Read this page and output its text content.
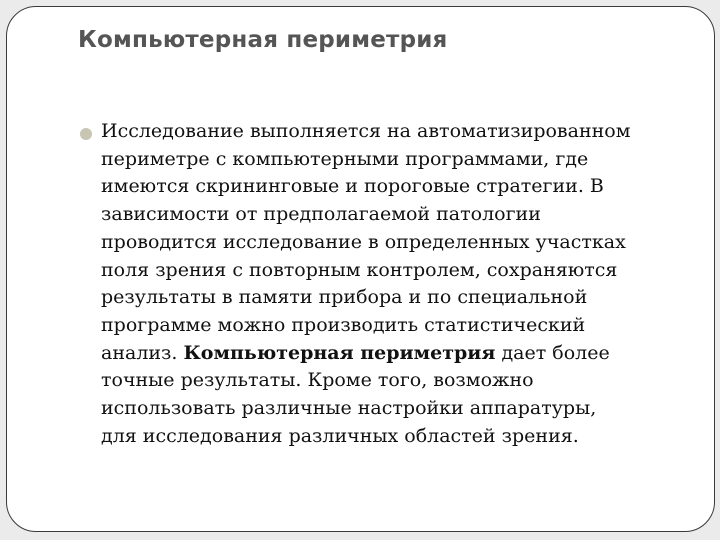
Компьютерная периметрия
Исследование выполняется на автоматизированном
периметре с компьютерными программами, где
имеются скрининговые и пороговые стратегии. В
зависимости от предполагаемой патологии
проводится исследование в определенных участках
поля зрения с повторным контролем, сохраняются
результаты в памяти прибора и по специальной
программе можно производить статистический
анализ. Компьютерная периметрия дает более
точные результаты. Кроме того, возможно
использовать различные настройки аппаратуры,
для исследования различных областей зрения.
